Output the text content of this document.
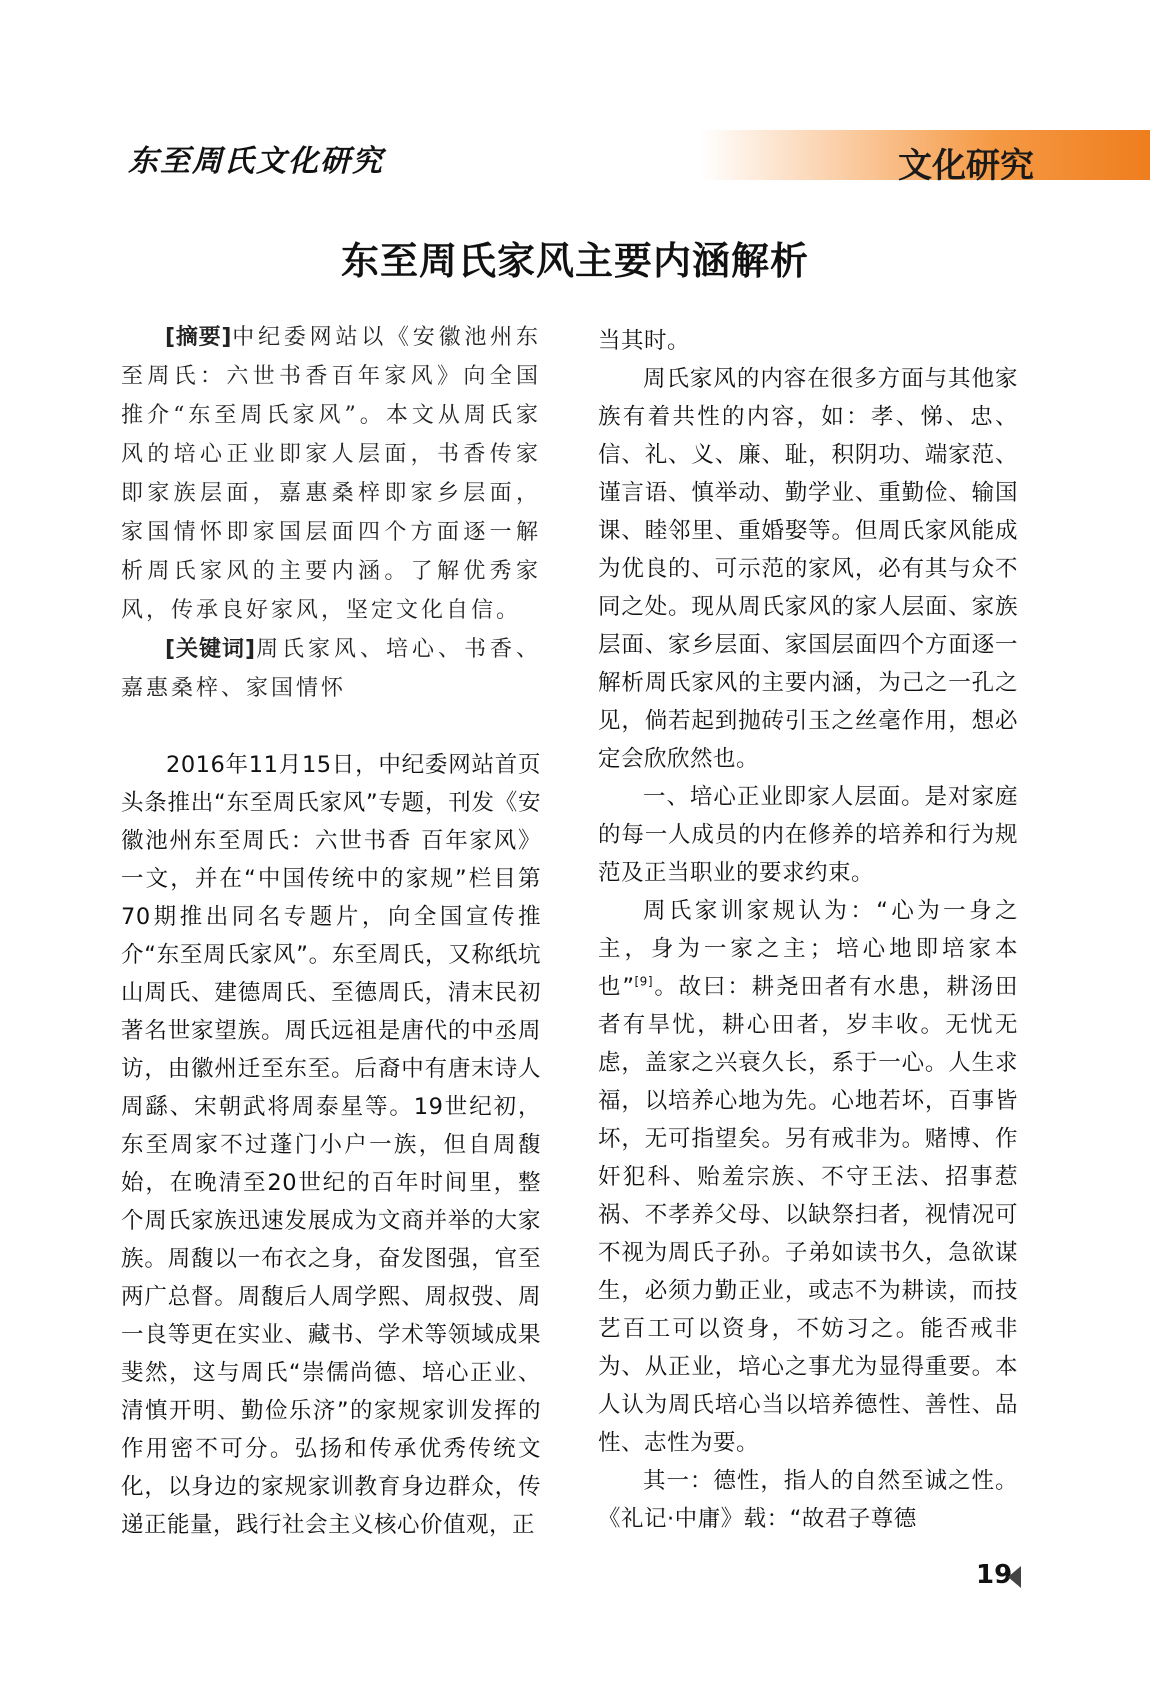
东至周氏文化研究	文化研究
东至周氏家风主要内涵解析

[摘要]中纪委网站以《安徽池州东至周氏：六世书香百年家风》向全国推介“东至周氏家风”。本文从周氏家风的培心正业即家人层面，书香传家即家族层面，嘉惠桑梓即家乡层面，家国情怀即家国层面四个方面逐一解析周氏家风的主要内涵。了解优秀家风，传承良好家风，坚定文化自信。

[关键词]周氏家风、培心、书香、嘉惠桑梓、家国情怀

2016年11月15日，中纪委网站首页头条推出“东至周氏家风”专题，刊发《安徽池州东至周氏：六世书香 百年家风》一文，并在“中国传统中的家规”栏目第70期推出同名专题片，向全国宣传推介“东至周氏家风”。东至周氏，又称纸坑山周氏、建德周氏、至德周氏，清末民初著名世家望族。周氏远祖是唐代的中丞周访，由徽州迁至东至。后裔中有唐末诗人周繇、宋朝武将周泰星等。19世纪初，东至周家不过蓬门小户一族，但自周馥始，在晚清至20世纪的百年时间里，整个周氏家族迅速发展成为文商并举的大家族。周馥以一布衣之身，奋发图强，官至两广总督。周馥后人周学熙、周叔弢、周一良等更在实业、藏书、学术等领域成果斐然，这与周氏“崇儒尚德、培心正业、清慎开明、勤俭乐济”的家规家训发挥的作用密不可分。弘扬和传承优秀传统文化，以身边的家规家训教育身边群众，传递正能量，践行社会主义核心价值观，正

当其时。

周氏家风的内容在很多方面与其他家族有着共性的内容，如：孝、悌、忠、信、礼、义、廉、耻，积阴功、端家范、谨言语、慎举动、勤学业、重勤俭、输国课、睦邻里、重婚娶等。但周氏家风能成为优良的、可示范的家风，必有其与众不同之处。现从周氏家风的家人层面、家族层面、家乡层面、家国层面四个方面逐一解析周氏家风的主要内涵，为己之一孔之见，倘若起到抛砖引玉之丝毫作用，想必定会欣欣然也。

一、培心正业即家人层面。是对家庭的每一人成员的内在修养的培养和行为规范及正当职业的要求约束。

周氏家训家规认为：“心为一身之主，身为一家之主；培心地即培家本也”[9]。故曰：耕尧田者有水患，耕汤田者有旱忧，耕心田者，岁丰收。无忧无虑，盖家之兴衰久长，系于一心。人生求福，以培养心地为先。心地若坏，百事皆坏，无可指望矣。另有戒非为。赌博、作奸犯科、贻羞宗族、不守王法、招事惹祸、不孝养父母、以缺祭扫者，视情况可不视为周氏子孙。子弟如读书久，急欲谋生，必须力勤正业，或志不为耕读，而技艺百工可以资身，不妨习之。能否戒非为、从正业，培心之事尤为显得重要。本人认为周氏培心当以培养德性、善性、品性、志性为要。

其一：德性，指人的自然至诚之性。《礼记·中庸》载：“故君子尊德

19
